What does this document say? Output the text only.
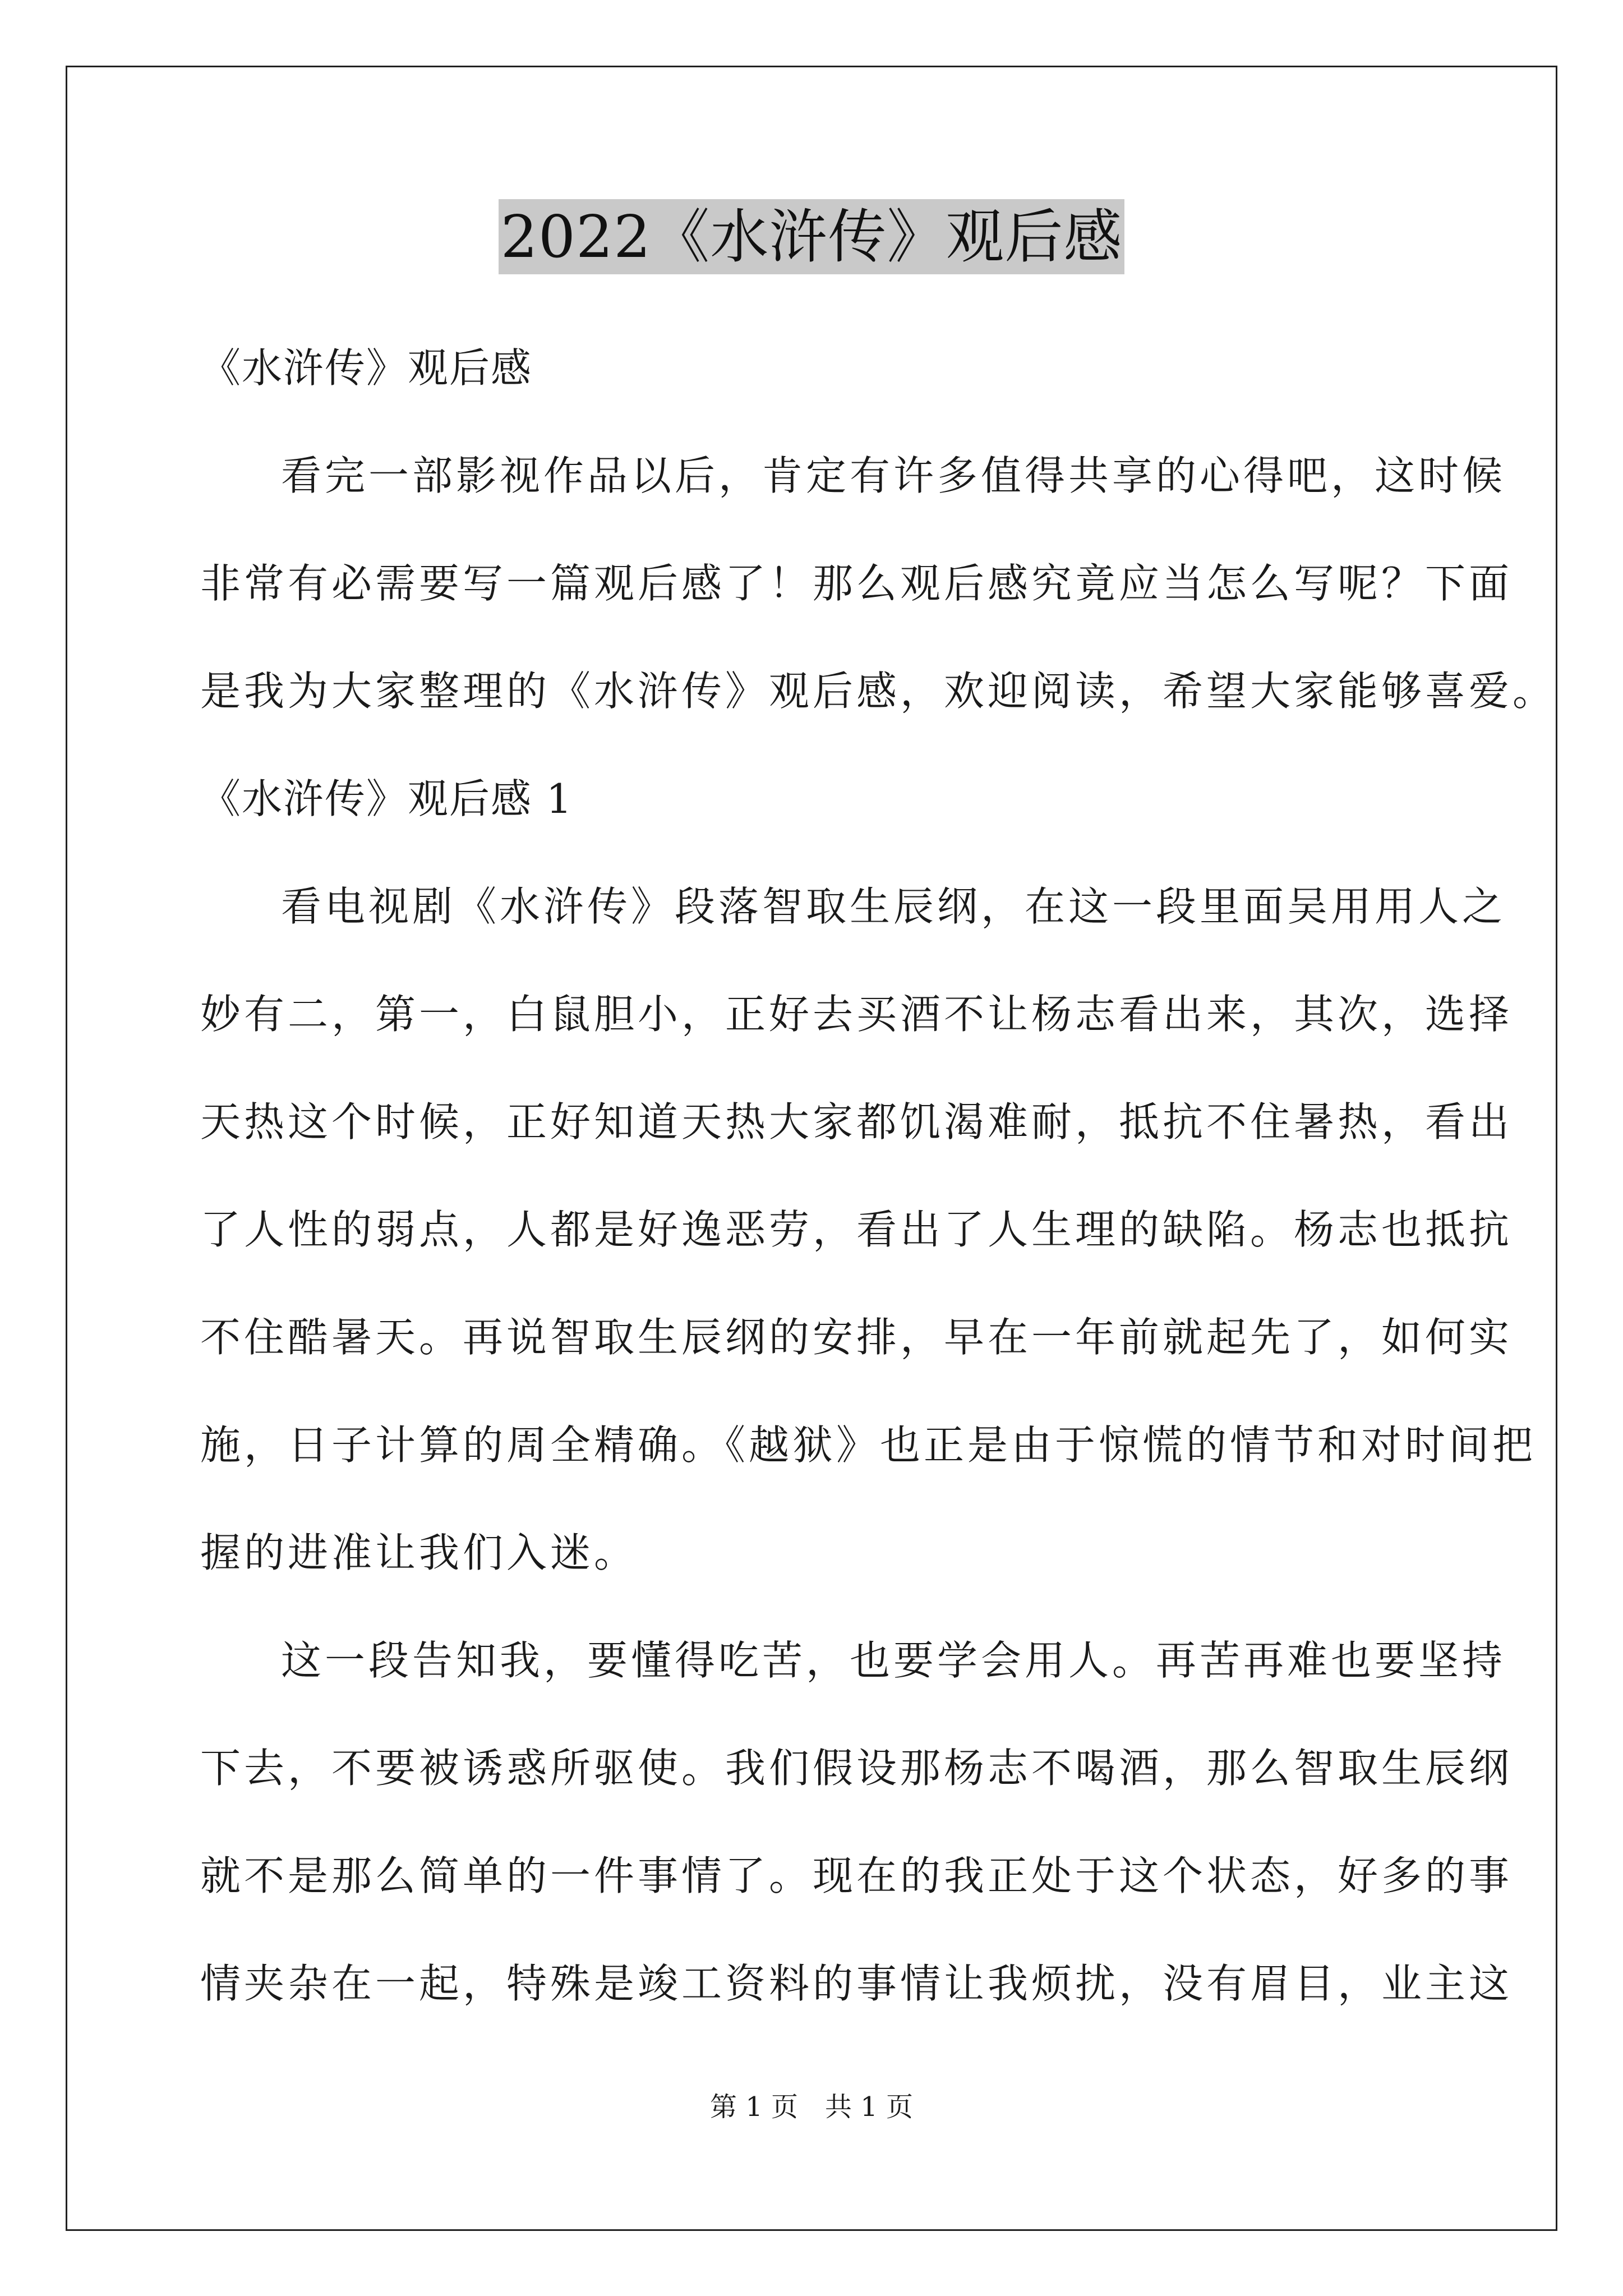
2022《水浒传》观后感
《水浒传》观后感
看完一部影视作品以后，肯定有许多值得共享的心得吧，这时候
非常有必需要写一篇观后感了！那么观后感究竟应当怎么写呢？下面
是我为大家整理的《水浒传》观后感，欢迎阅读，希望大家能够喜爱。
《水浒传》观后感 1
看电视剧《水浒传》段落智取生辰纲，在这一段里面吴用用人之
妙有二，第一，白鼠胆小，正好去买酒不让杨志看出来，其次，选择
天热这个时候，正好知道天热大家都饥渴难耐，抵抗不住暑热，看出
了人性的弱点，人都是好逸恶劳，看出了人生理的缺陷。杨志也抵抗
不住酷暑天。再说智取生辰纲的安排，早在一年前就起先了，如何实
施，日子计算的周全精确。《越狱》也正是由于惊慌的情节和对时间把
握的进准让我们入迷。
这一段告知我，要懂得吃苦，也要学会用人。再苦再难也要坚持
下去，不要被诱惑所驱使。我们假设那杨志不喝酒，那么智取生辰纲
就不是那么简单的一件事情了。现在的我正处于这个状态，好多的事
情夹杂在一起，特殊是竣工资料的事情让我烦扰，没有眉目，业主这
第 1 页　共 1 页
